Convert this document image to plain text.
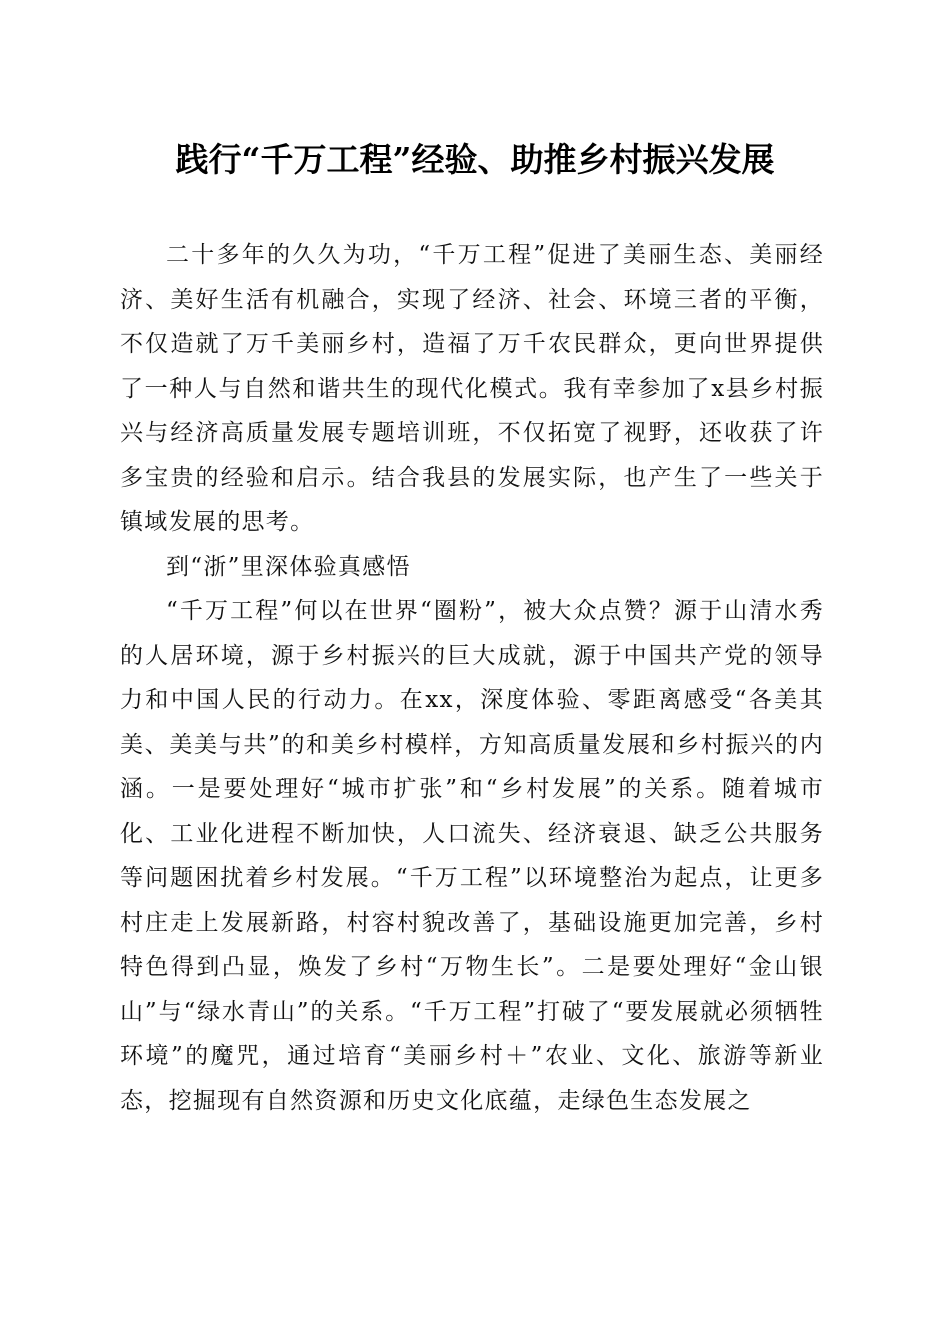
践行“千万工程”经验、助推乡村振兴发展

二十多年的久久为功，“千万工程”促进了美丽生态、美丽经济、美好生活有机融合，实现了经济、社会、环境三者的平衡，不仅造就了万千美丽乡村，造福了万千农民群众，更向世界提供了一种人与自然和谐共生的现代化模式。我有幸参加了x县乡村振兴与经济高质量发展专题培训班，不仅拓宽了视野，还收获了许多宝贵的经验和启示。结合我县的发展实际，也产生了一些关于镇域发展的思考。

到“浙”里深体验真感悟

“千万工程”何以在世界“圈粉”，被大众点赞？源于山清水秀的人居环境，源于乡村振兴的巨大成就，源于中国共产党的领导力和中国人民的行动力。在xx，深度体验、零距离感受“各美其美、美美与共”的和美乡村模样，方知高质量发展和乡村振兴的内涵。一是要处理好“城市扩张”和“乡村发展”的关系。随着城市化、工业化进程不断加快，人口流失、经济衰退、缺乏公共服务等问题困扰着乡村发展。“千万工程”以环境整治为起点，让更多村庄走上发展新路，村容村貌改善了，基础设施更加完善，乡村特色得到凸显，焕发了乡村“万物生长”。二是要处理好“金山银山”与“绿水青山”的关系。“千万工程”打破了“要发展就必须牺牲环境”的魔咒，通过培育“美丽乡村＋”农业、文化、旅游等新业态，挖掘现有自然资源和历史文化底蕴，走绿色生态发展之
